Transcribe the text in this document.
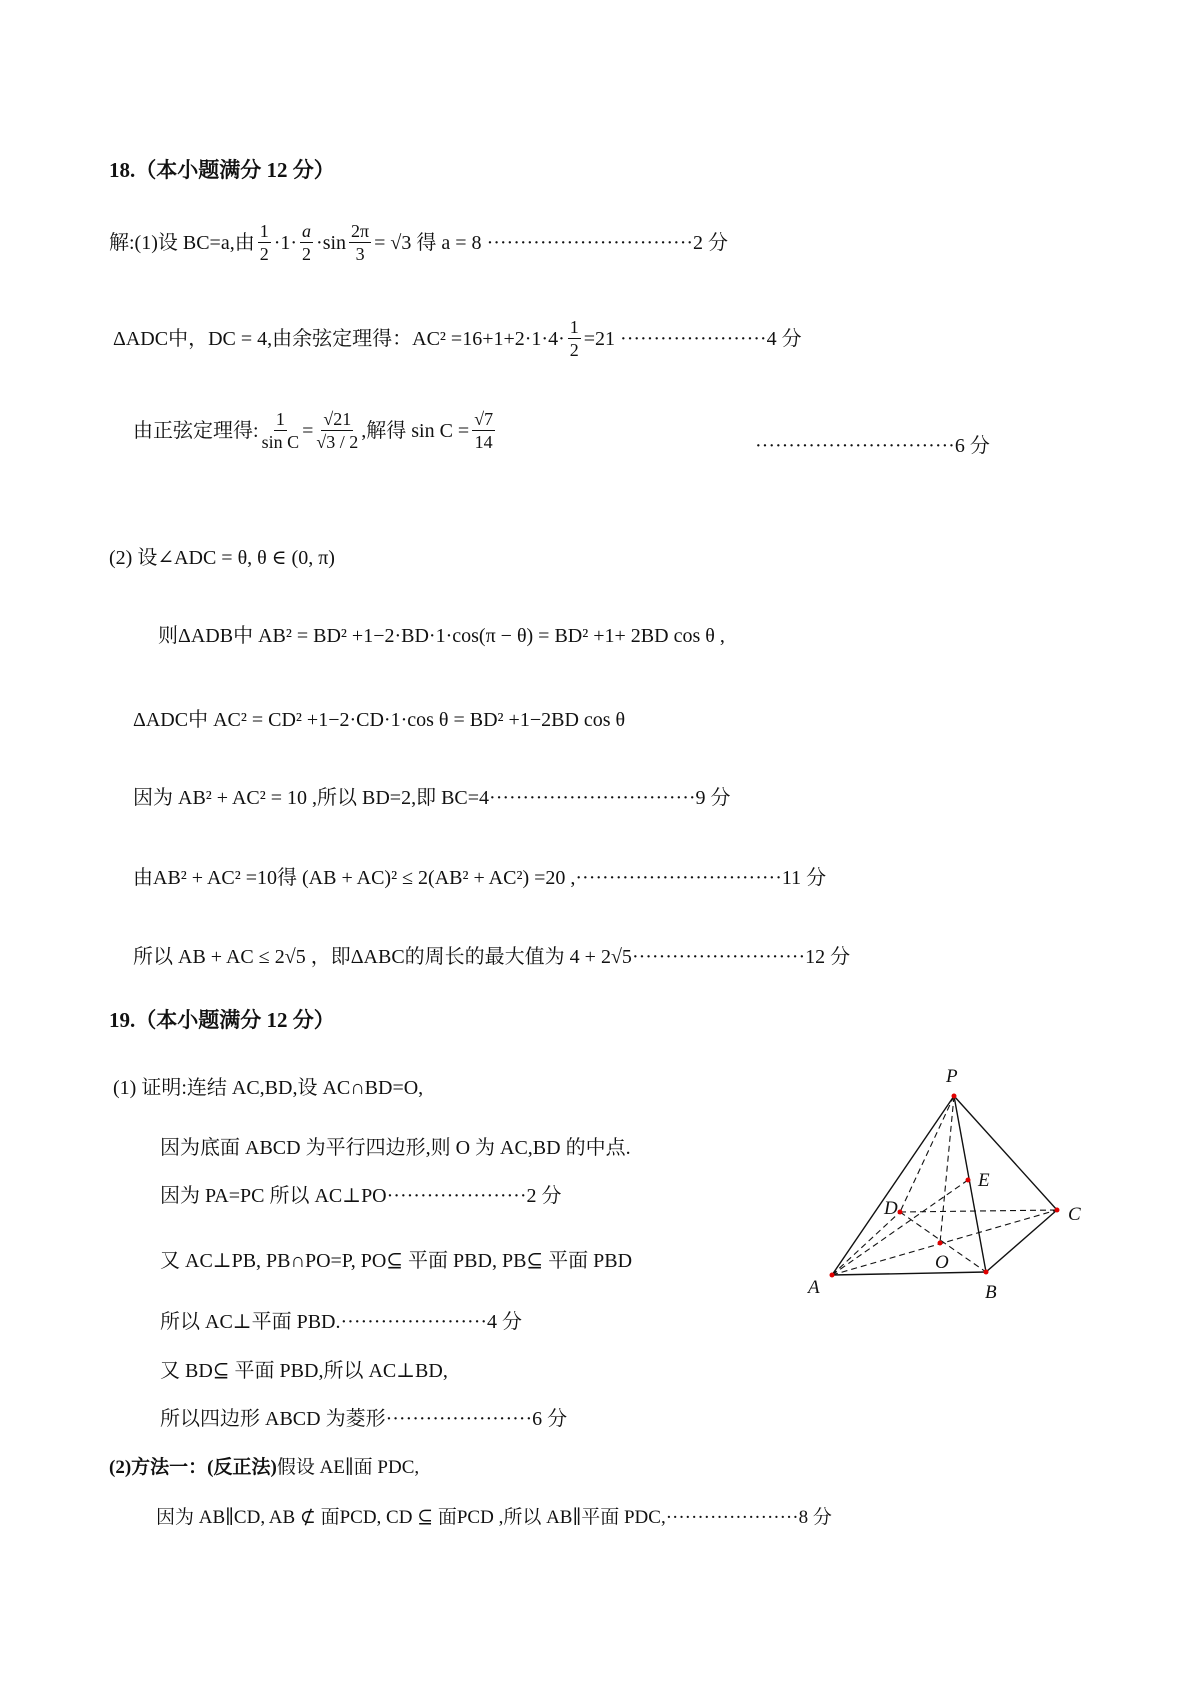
18.（本小题满分 12 分）
解:(1)设 BC=a,由 $\frac{1}{2} \cdot 1\cdot \frac{a}{2} \cdot\sin \frac{2\pi}{3} = √3$ 得 a = 8
······························· 2 分
ΔADC中，DC = 4,由余弦定理得：$AC^2 =16+1+2\cdot 1\cdot 4\cdot \frac{1}{2} =21$
······················ 4 分
由正弦定理得: $\frac{1}{\text{sin C}} = \frac{√21}{√3 / 2}$ ,解得 $\sin C = \frac{√7}{14}$	······························ 6 分
(2) 设∠ADC = θ, θ ∈ (0, π)
则ΔADB中 AB² = BD² +1−2·BD·1·cos(π − θ) = BD² +1+ 2BD cos θ ,
ΔADC中 AC² = CD² +1−2·CD·1·cos θ = BD² +1−2BD cos θ
因为 AB² + AC² = 10 ,所以 BD=2,即 BC=4 ······························· 9 分
由AB² + AC² =10得 (AB + AC)² ≤ 2(AB² + AC²) =20 , ······························· 11 分
所以 AB + AC ≤ 2√5 ，即ΔABC的周长的最大值为 4 + 2√5 ·························· 12 分
19.（本小题满分 12 分）
(1) 证明:连结 AC,BD,设 AC∩BD=O,
因为底面 ABCD 为平行四边形,则 O 为 AC,BD 的中点.
因为 PA=PC 所以 AC⊥PO ····················· 2 分
又 AC⊥PB, PB∩PO=P, PO⊆ 平面 PBD, PB⊆ 平面 PBD
所以 AC⊥平面 PBD. ······················ 4 分
又 BD⊆ 平面 PBD,所以 AC⊥BD,
所以四边形 ABCD 为菱形 ······················ 6 分
(2)方法一：(反正法) 假设 AE∥面 PDC,
因为 AB∥CD, AB ⊄ 面PCD, CD ⊆ 面PCD ,所以 AB∥平面 PDC, ····················· 8 分
P
A	B
C
D
E
O
